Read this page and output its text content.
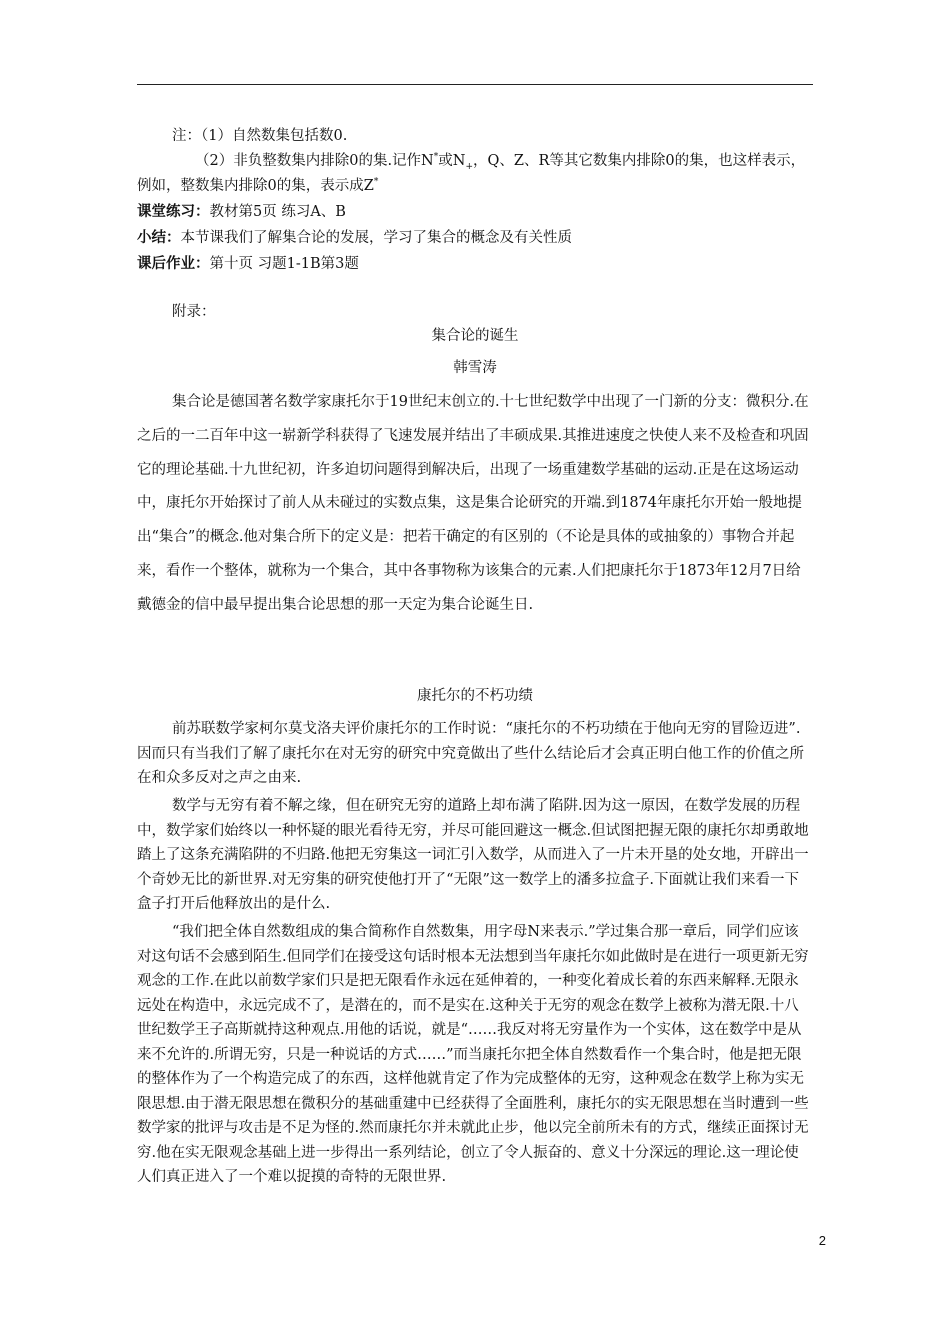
注：（1）自然数集包括数0.

（2）非负整数集内排除0的集.记作N*或$N_+$，Q、Z、R等其它数集内排除0的集，也这样表示，例如，整数集内排除0的集，表示成Z*

课堂练习：教材第5页 练习A、B

小结：本节课我们了解集合论的发展，学习了集合的概念及有关性质

课后作业：第十页 习题1-1B第3题

附录：
集合论的诞生
韩雪涛

集合论是德国著名数学家康托尔于19世纪末创立的.十七世纪数学中出现了一门新的分支：微积分.在之后的一二百年中这一崭新学科获得了飞速发展并结出了丰硕成果.其推进速度之快使人来不及检查和巩固它的理论基础.十九世纪初，许多迫切问题得到解决后，出现了一场重建数学基础的运动.正是在这场运动中，康托尔开始探讨了前人从未碰过的实数点集，这是集合论研究的开端.到1874年康托尔开始一般地提出“集合”的概念.他对集合所下的定义是：把若干确定的有区别的（不论是具体的或抽象的）事物合并起来，看作一个整体，就称为一个集合，其中各事物称为该集合的元素.人们把康托尔于1873年12月7日给戴德金的信中最早提出集合论思想的那一天定为集合论诞生日.

康托尔的不朽功绩

前苏联数学家柯尔莫戈洛夫评价康托尔的工作时说：“康托尔的不朽功绩在于他向无穷的冒险迈进”.因而只有当我们了解了康托尔在对无穷的研究中究竟做出了些什么结论后才会真正明白他工作的价值之所在和众多反对之声之由来.

数学与无穷有着不解之缘，但在研究无穷的道路上却布满了陷阱.因为这一原因，在数学发展的历程中，数学家们始终以一种怀疑的眼光看待无穷，并尽可能回避这一概念.但试图把握无限的康托尔却勇敢地踏上了这条充满陷阱的不归路.他把无穷集这一词汇引入数学，从而进入了一片未开垦的处女地，开辟出一个奇妙无比的新世界.对无穷集的研究使他打开了“无限”这一数学上的潘多拉盒子.下面就让我们来看一下盒子打开后他释放出的是什么.

“我们把全体自然数组成的集合简称作自然数集，用字母N来表示.”学过集合那一章后，同学们应该对这句话不会感到陌生.但同学们在接受这句话时根本无法想到当年康托尔如此做时是在进行一项更新无穷观念的工作.在此以前数学家们只是把无限看作永远在延伸着的，一种变化着成长着的东西来解释.无限永远处在构造中，永远完成不了，是潜在的，而不是实在.这种关于无穷的观念在数学上被称为潜无限.十八世纪数学王子高斯就持这种观点.用他的话说，就是“……我反对将无穷量作为一个实体，这在数学中是从来不允许的.所谓无穷，只是一种说话的方式……”而当康托尔把全体自然数看作一个集合时，他是把无限的整体作为了一个构造完成了的东西，这样他就肯定了作为完成整体的无穷，这种观念在数学上称为实无限思想.由于潜无限思想在微积分的基础重建中已经获得了全面胜利，康托尔的实无限思想在当时遭到一些数学家的批评与攻击是不足为怪的.然而康托尔并未就此止步，他以完全前所未有的方式，继续正面探讨无穷.他在实无限观念基础上进一步得出一系列结论，创立了令人振奋的、意义十分深远的理论.这一理论使人们真正进入了一个难以捉摸的奇特的无限世界.

2
